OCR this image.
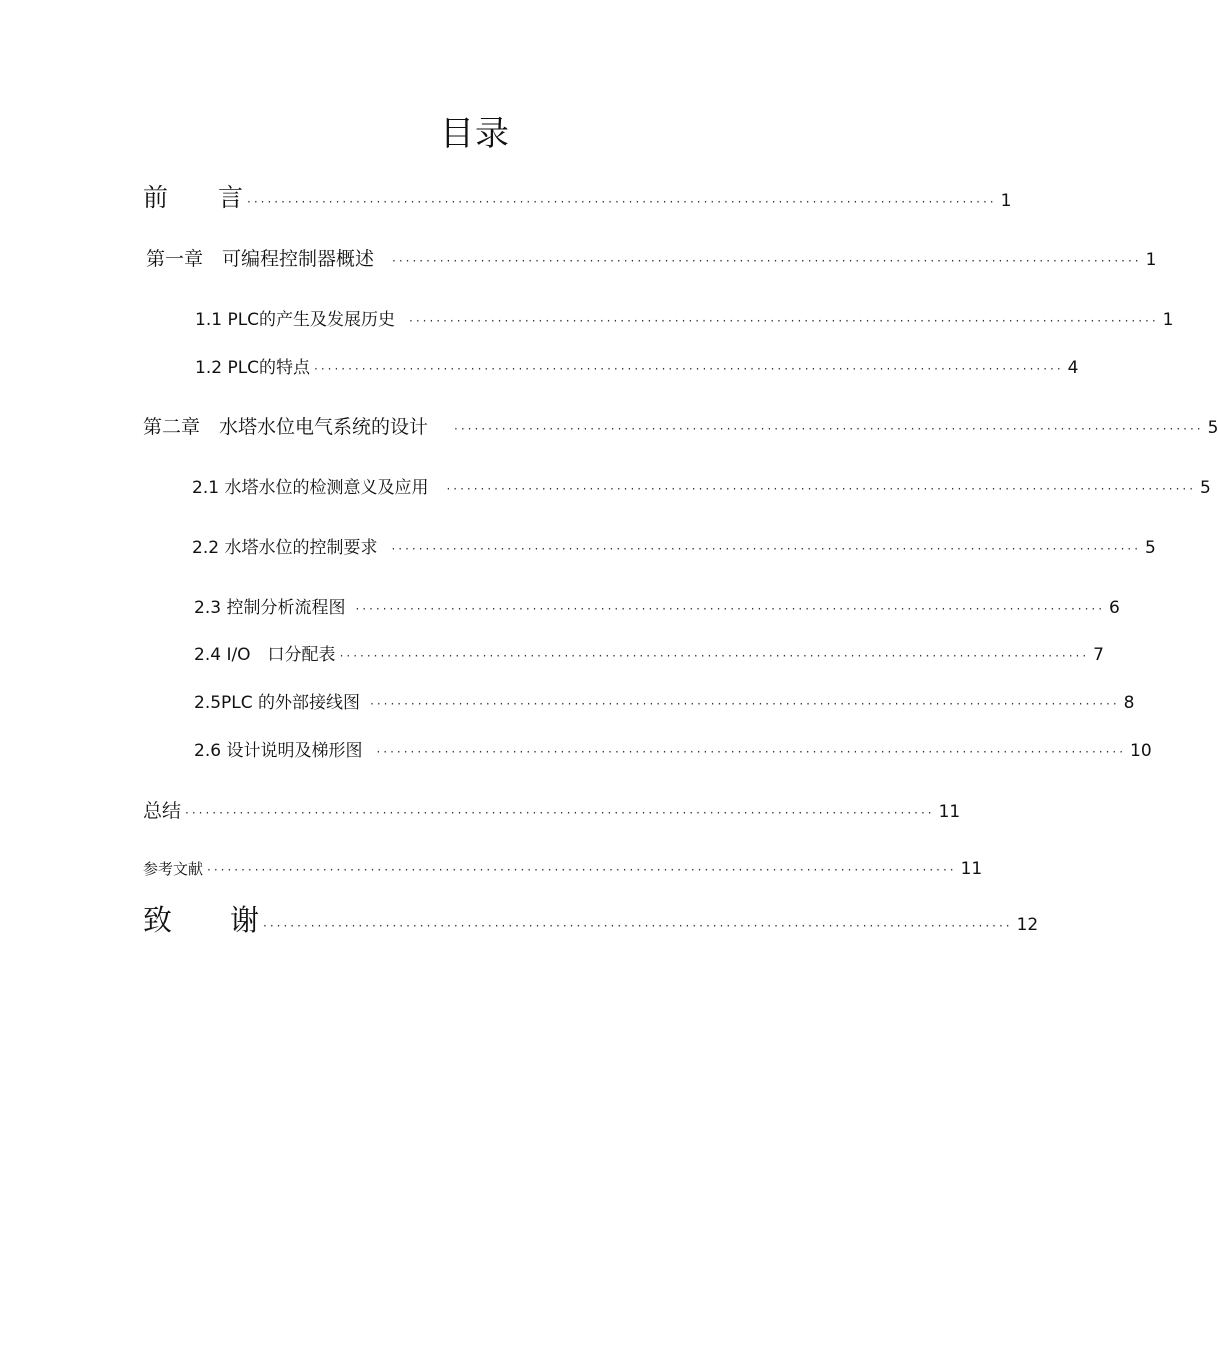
目录
前　　言 ·············································································································· 1
第一章　可编程控制器概述 ·············································································································· 1
1.1 PLC的产生及发展历史 ·············································································································· 1
1.2 PLC的特点 ·············································································································· 4
第二章　水塔水位电气系统的设计 ·············································································································· 5
2.1 水塔水位的检测意义及应用 ·············································································································· 5
2.2 水塔水位的控制要求 ·············································································································· 5
2.3 控制分析流程图 ·············································································································· 6
2.4 I/O　口分配表 ·············································································································· 7
2.5PLC 的外部接线图 ·············································································································· 8
2.6 设计说明及梯形图 ·············································································································· 10
总结 ·············································································································· 11
参考文献 ·············································································································· 11
致　　谢 ·············································································································· 12
